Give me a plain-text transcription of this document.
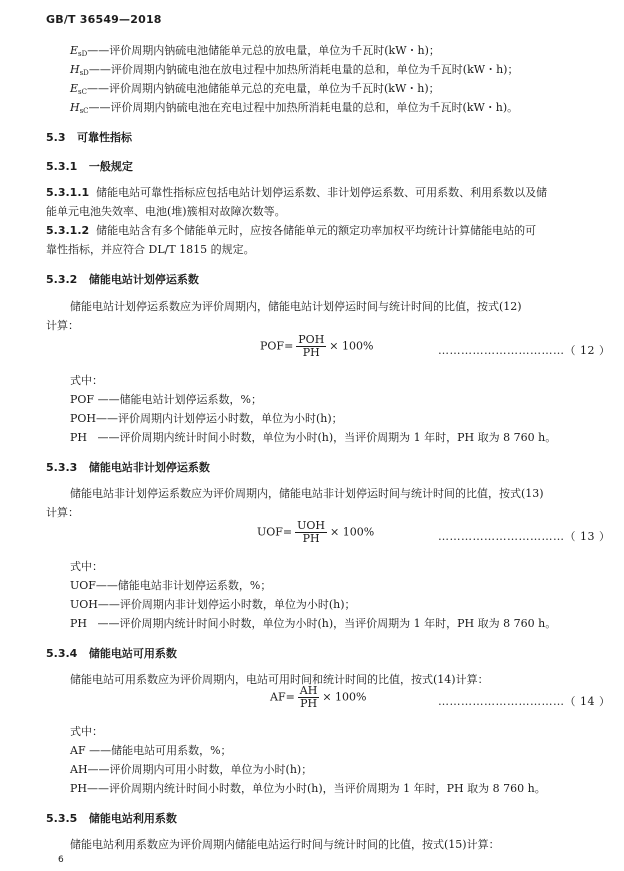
GB/T 36549—2018
$E_{sD}——$评价周期内钠硫电池储能单元总的放电量，单位为千瓦时(kW・h)；
$H_{sD}——$评价周期内钠硫电池在放电过程中加热所消耗电量的总和，单位为千瓦时(kW・h)；
$E_{sC}——$评价周期内钠硫电池储能单元总的充电量，单位为千瓦时(kW・h)；
$H_{sC}——$评价周期内钠硫电池在充电过程中加热所消耗电量的总和，单位为千瓦时(kW・h)。
5.3 可靠性指标
5.3.1 一般规定
5.3.1.1 储能电站可靠性指标应包括电站计划停运系数、非计划停运系数、可用系数、利用系数以及储
能单元电池失效率、电池(堆)簇相对故障次数等。
5.3.1.2 储能电站含有多个储能单元时，应按各储能单元的额定功率加权平均统计计算储能电站的可
靠性指标，并应符合 DL/T 1815 的规定。
5.3.2 储能电站计划停运系数
储能电站计划停运系数应为评价周期内，储能电站计划停运时间与统计时间的比值，按式(12)
计算：
$POF= \frac{\text{POH}}{PH} \times 100\%$	……………………………（ 12 ）
式中：
POF ——储能电站计划停运系数，%；
POH——评价周期内计划停运小时数，单位为小时(h)；
PH ——评价周期内统计时间小时数，单位为小时(h)，当评价周期为 1 年时，PH 取为 8 760 h。
5.3.3 储能电站非计划停运系数
储能电站非计划停运系数应为评价周期内，储能电站非计划停运时间与统计时间的比值，按式(13)
计算：
$UOF= \frac{\text{UOH}}{PH} \times 100\%$	……………………………（ 13 ）
式中：
UOF——储能电站非计划停运系数，%；
UOH——评价周期内非计划停运小时数，单位为小时(h)；
PH ——评价周期内统计时间小时数，单位为小时(h)，当评价周期为 1 年时，PH 取为 8 760 h。
5.3.4 储能电站可用系数
储能电站可用系数应为评价周期内，电站可用时间和统计时间的比值，按式(14)计算：
$AF= \frac{AH}{PH} \times 100\%$	……………………………（ 14 ）
式中：
AF ——储能电站可用系数，%；
AH——评价周期内可用小时数，单位为小时(h)；
PH——评价周期内统计时间小时数，单位为小时(h)，当评价周期为 1 年时，PH 取为 8 760 h。
5.3.5 储能电站利用系数
储能电站利用系数应为评价周期内储能电站运行时间与统计时间的比值，按式(15)计算：
6
